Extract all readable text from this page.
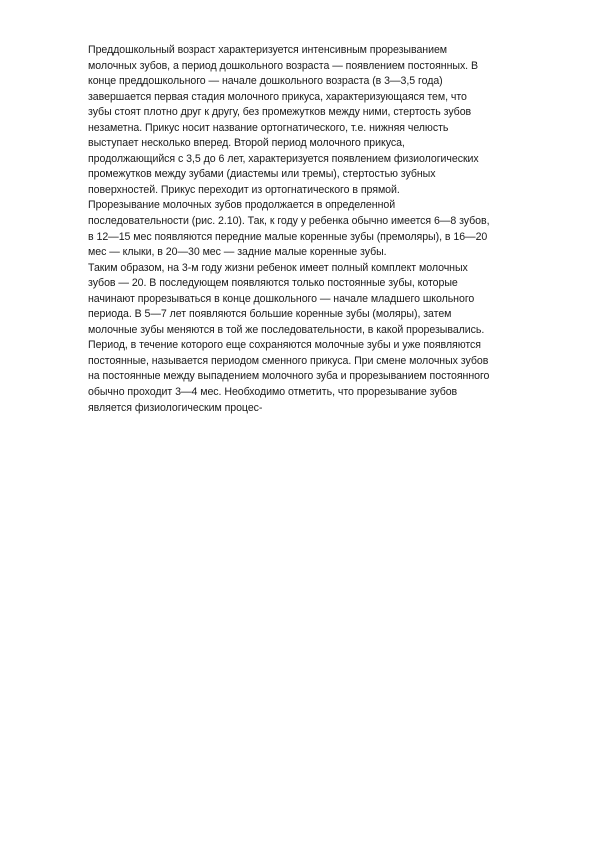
Преддошкольный возраст характеризуется интенсивным прорезыванием
молочных зубов, а период дошкольного возраста — появлением постоянных. В
конце преддошкольного — начале дошкольного возраста (в 3—3,5 года)
завершается первая стадия молочного прикуса, характеризующаяся тем, что
зубы стоят плотно друг к другу, без промежутков между ними, стертость зубов
незаметна. Прикус носит название ортогнатического, т.е. нижняя челюсть
выступает несколько вперед. Второй период молочного прикуса,
продолжающийся с 3,5 до 6 лет, характеризуется появлением физиологических
промежутков между зубами (диастемы или тремы), стертостью зубных
поверхностей. Прикус переходит из ортогнатического в прямой.
Прорезывание молочных зубов продолжается в определенной
последовательности (рис. 2.10). Так, к году у ребенка обычно имеется 6—8 зубов,
в 12—15 мес появляются передние малые коренные зубы (премоляры), в 16—20
мес — клыки, в 20—30 мес — задние малые коренные зубы.
Таким образом, на 3-м году жизни ребенок имеет полный комплект молочных
зубов — 20. В последующем появляются только постоянные зубы, которые
начинают прорезываться в конце дошкольного — начале младшего школьного
периода. В 5—7 лет появляются большие коренные зубы (моляры), затем
молочные зубы меняются в той же последовательности, в какой прорезывались.
Период, в течение которого еще сохраняются молочные зубы и уже появляются
постоянные, называется периодом сменного прикуса. При смене молочных зубов
на постоянные между выпадением молочного зуба и прорезыванием постоянного
обычно проходит 3—4 мес. Необходимо отметить, что прорезывание зубов
является физиологическим процес-
